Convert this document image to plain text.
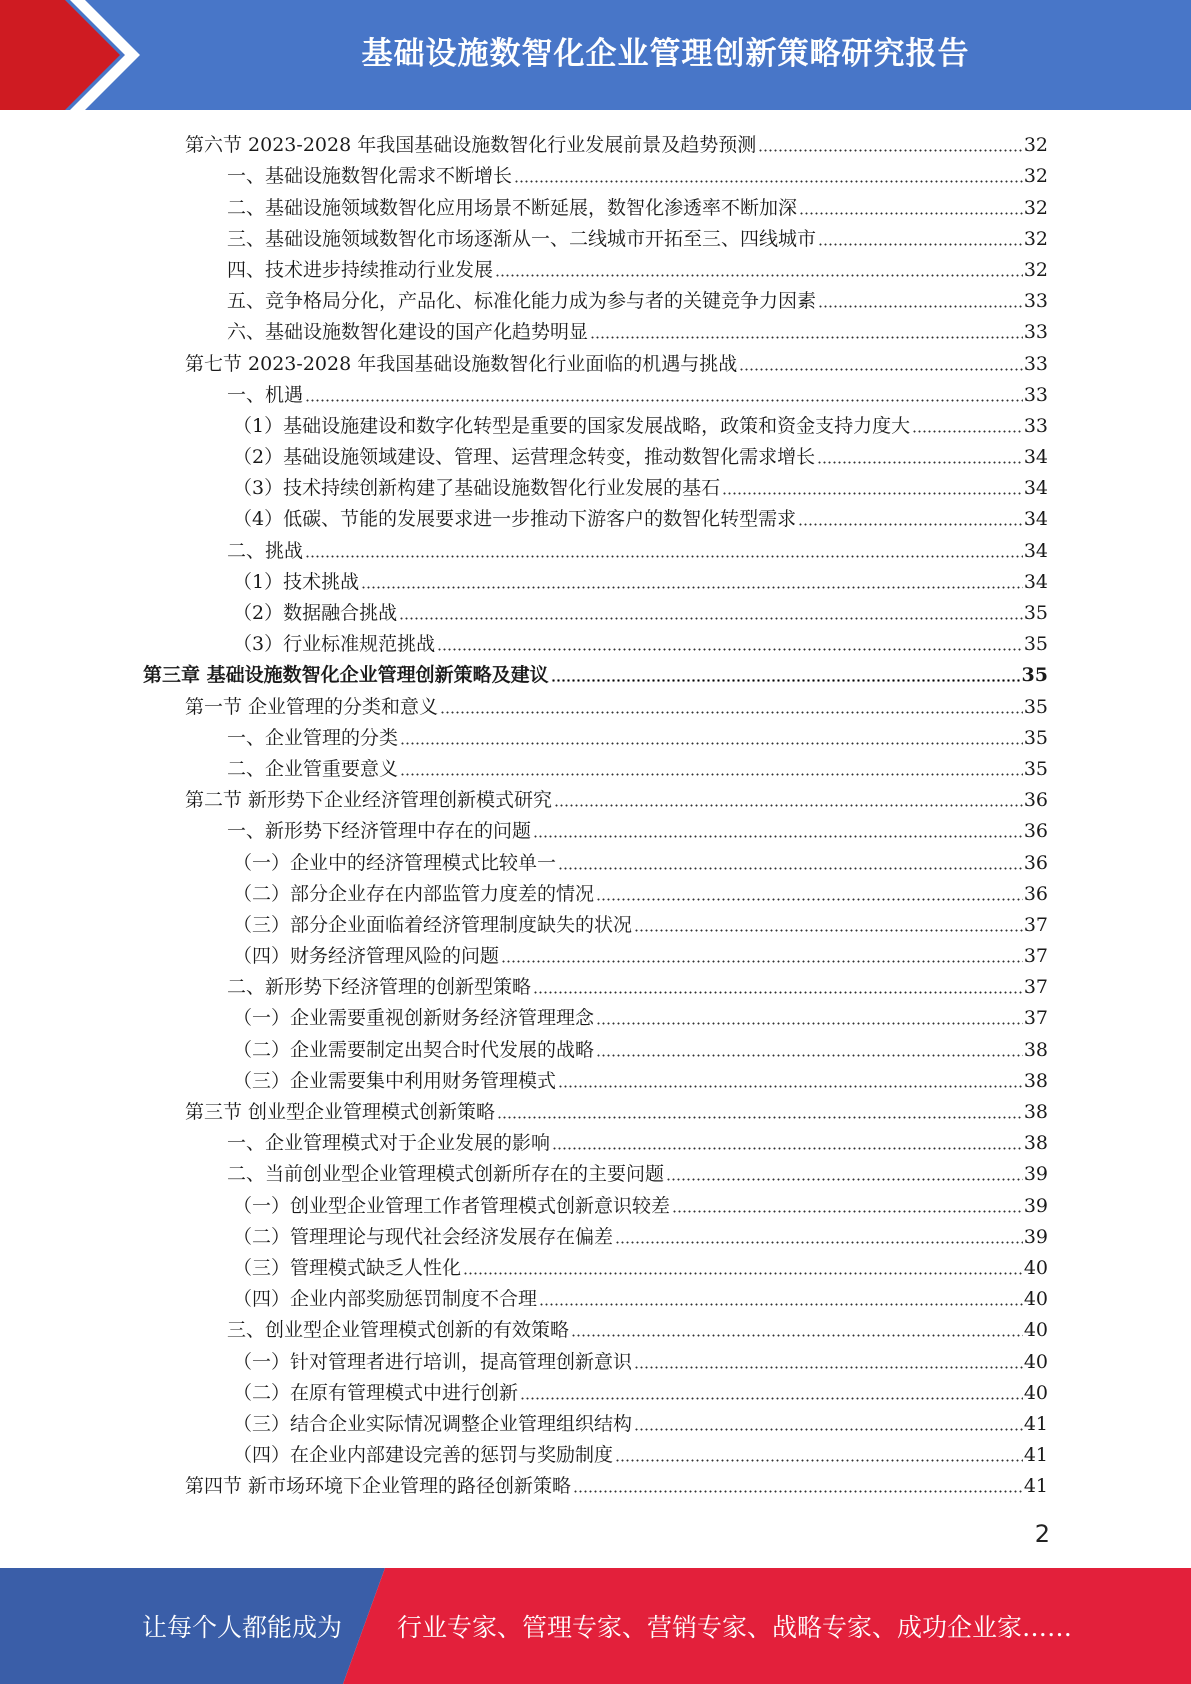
基础设施数智化企业管理创新策略研究报告
第六节 2023-2028 年我国基础设施数智化行业发展前景及趋势预测	32
一、基础设施数智化需求不断增长	32
二、基础设施领域数智化应用场景不断延展，数智化渗透率不断加深	32
三、基础设施领域数智化市场逐渐从一、二线城市开拓至三、四线城市	32
四、技术进步持续推动行业发展	32
五、竞争格局分化，产品化、标准化能力成为参与者的关键竞争力因素	33
六、基础设施数智化建设的国产化趋势明显	33
第七节 2023-2028 年我国基础设施数智化行业面临的机遇与挑战	33
一、机遇	33
（1）基础设施建设和数字化转型是重要的国家发展战略，政策和资金支持力度大	33
（2）基础设施领域建设、管理、运营理念转变，推动数智化需求增长	34
（3）技术持续创新构建了基础设施数智化行业发展的基石	34
（4）低碳、节能的发展要求进一步推动下游客户的数智化转型需求	34
二、挑战	34
（1）技术挑战	34
（2）数据融合挑战	35
（3）行业标准规范挑战	35
第三章 基础设施数智化企业管理创新策略及建议	35
第一节 企业管理的分类和意义	35
一、企业管理的分类	35
二、企业管重要意义	35
第二节 新形势下企业经济管理创新模式研究	36
一、新形势下经济管理中存在的问题	36
（一）企业中的经济管理模式比较单一	36
（二）部分企业存在内部监管力度差的情况	36
（三）部分企业面临着经济管理制度缺失的状况	37
（四）财务经济管理风险的问题	37
二、新形势下经济管理的创新型策略	37
（一）企业需要重视创新财务经济管理理念	37
（二）企业需要制定出契合时代发展的战略	38
（三）企业需要集中利用财务管理模式	38
第三节 创业型企业管理模式创新策略	38
一、企业管理模式对于企业发展的影响	38
二、当前创业型企业管理模式创新所存在的主要问题	39
（一）创业型企业管理工作者管理模式创新意识较差	39
（二）管理理论与现代社会经济发展存在偏差	39
（三）管理模式缺乏人性化	40
（四）企业内部奖励惩罚制度不合理	40
三、创业型企业管理模式创新的有效策略	40
（一）针对管理者进行培训，提高管理创新意识	40
（二）在原有管理模式中进行创新	40
（三）结合企业实际情况调整企业管理组织结构	41
（四）在企业内部建设完善的惩罚与奖励制度	41
第四节 新市场环境下企业管理的路径创新策略	41
2
让每个人都能成为	行业专家、管理专家、营销专家、战略专家、成功企业家……
